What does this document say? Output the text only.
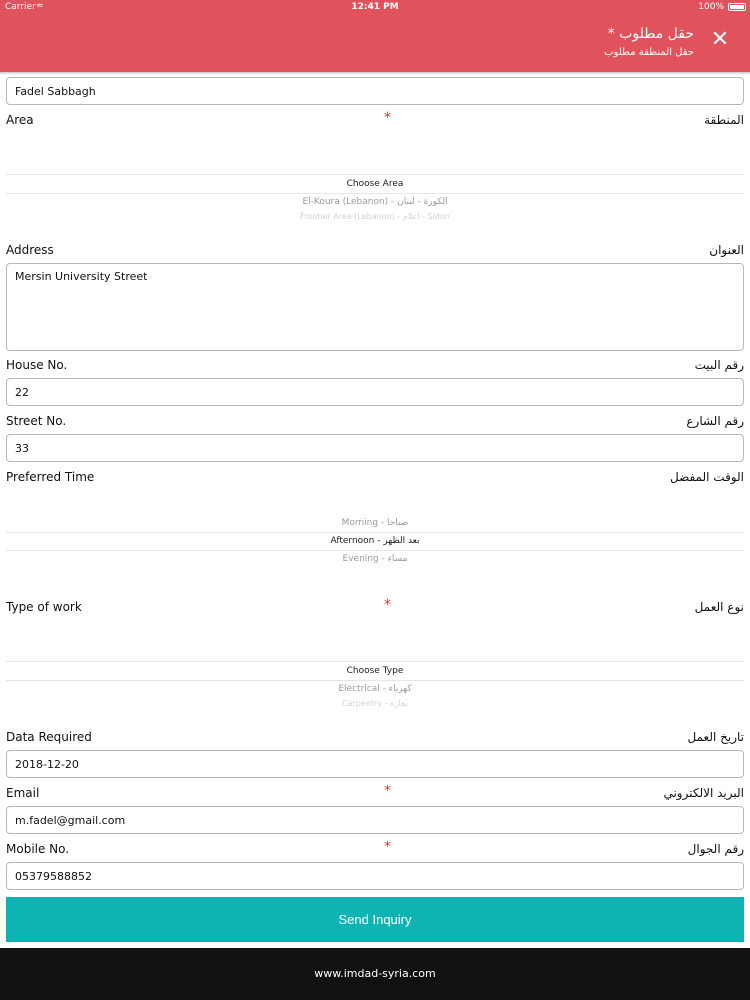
Carrier ≈	12:41 PM	100%
حقل مطلوب *
حقل المنطقة مطلوب
✕
Fadel Sabbagh
Area	*	المنطقة
Choose Area
El-Koura (Lebanon) - الكورة - لبنان
Frontier Area (Lebanon) - أعلام - Sidon
Address	العنوان
Mersin University Street
House No.	رقم البيت
22
Street No.	رقم الشارع
33
Preferred Time	الوقت المفضل
Morning - صباحا
Afternoon - بعد الظهر
Evening - مساء
Type of work	*	نوع العمل
Choose Type
Electrical - كهرباء
Carpentry - نجارة
Data Required	تاريخ العمل
2018-12-20
Email	*	البريد الالكتروني
m.fadel@gmail.com
Mobile No.	*	رقم الجوال
05379588852
Send Inquiry
www.imdad-syria.com
